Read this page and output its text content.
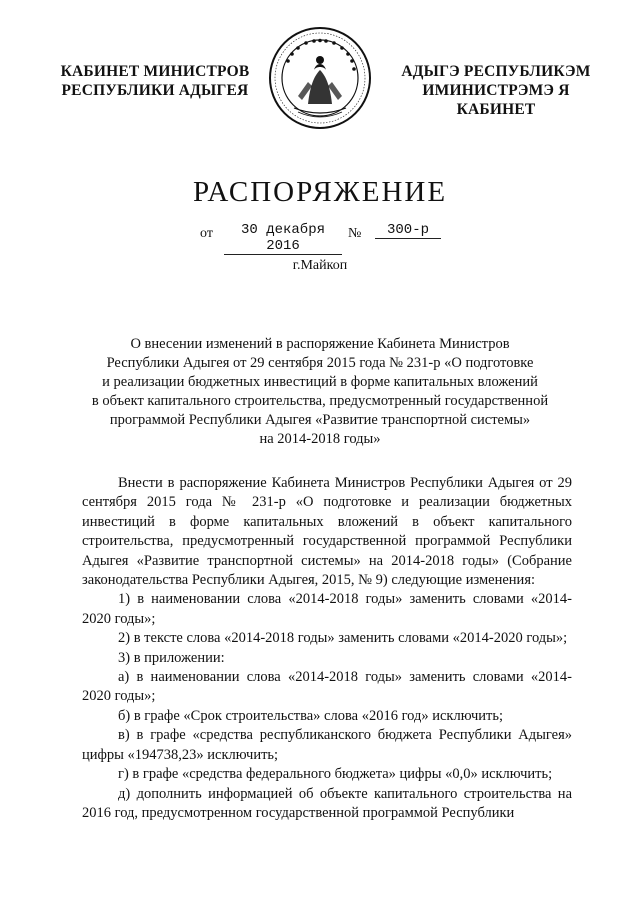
КАБИНЕТ МИНИСТРОВ
РЕСПУБЛИКИ АДЫГЕЯ
АДЫГЭ РЕСПУБЛИКЭМ
ИМИНИСТРЭМЭ Я КАБИНЕТ
РАСПОРЯЖЕНИЕ
от	30 декабря 2016
№	300-р
г.Майкоп
О внесении изменений в распоряжение Кабинета Министров
Республики Адыгея от 29 сентября 2015 года № 231-р «О подготовке
и реализации бюджетных инвестиций в форме капитальных вложений
в объект капитального строительства, предусмотренный государственной
программой Республики Адыгея «Развитие транспортной системы»
на 2014-2018 годы»

Внести в распоряжение Кабинета Министров Республики Адыгея от 29 сентября 2015 года № 231-р «О подготовке и реализации бюджетных инвестиций в форме капитальных вложений в объект капитального строительства, предусмотренный государственной программой Республики Адыгея «Развитие транспортной системы» на 2014-2018 годы» (Собрание законодательства Республики Адыгея, 2015, № 9) следующие изменения:

1) в наименовании слова «2014-2018 годы» заменить словами «2014-2020 годы»;

2) в тексте слова «2014-2018 годы» заменить словами «2014-2020 годы»;

3) в приложении:

а) в наименовании слова «2014-2018 годы» заменить словами «2014-2020 годы»;

б) в графе «Срок строительства» слова «2016 год» исключить;

в) в графе «средства республиканского бюджета Республики Адыгея» цифры «194738,23» исключить;

г) в графе «средства федерального бюджета» цифры «0,0» исключить;

д) дополнить информацией об объекте капитального строительства на 2016 год, предусмотренном государственной программой Республики
